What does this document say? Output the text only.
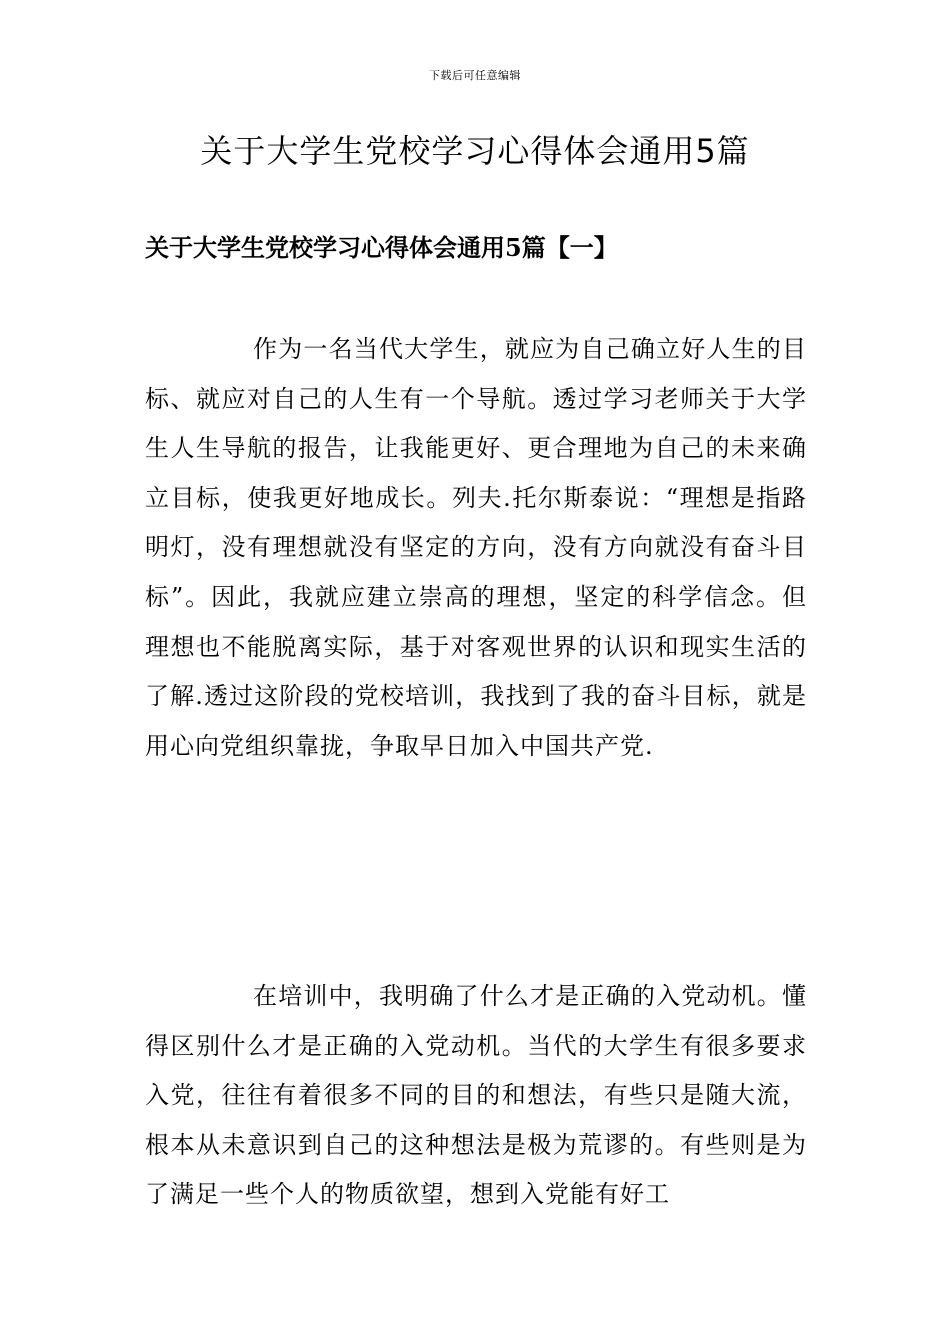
下载后可任意编辑
关于大学生党校学习心得体会通用5篇
关于大学生党校学习心得体会通用5篇【一】

作为一名当代大学生，就应为自己确立好人生的目标、就应对自己的人生有一个导航。透过学习老师关于大学生人生导航的报告，让我能更好、更合理地为自己的未来确立目标，使我更好地成长。列夫.托尔斯泰说：“理想是指路明灯，没有理想就没有坚定的方向，没有方向就没有奋斗目标”。因此，我就应建立崇高的理想，坚定的科学信念。但理想也不能脱离实际，基于对客观世界的认识和现实生活的了解.透过这阶段的党校培训，我找到了我的奋斗目标，就是用心向党组织靠拢，争取早日加入中国共产党.

在培训中，我明确了什么才是正确的入党动机。懂得区别什么才是正确的入党动机。当代的大学生有很多要求入党，往往有着很多不同的目的和想法，有些只是随大流，根本从未意识到自己的这种想法是极为荒谬的。有些则是为了满足一些个人的物质欲望，想到入党能有好工
